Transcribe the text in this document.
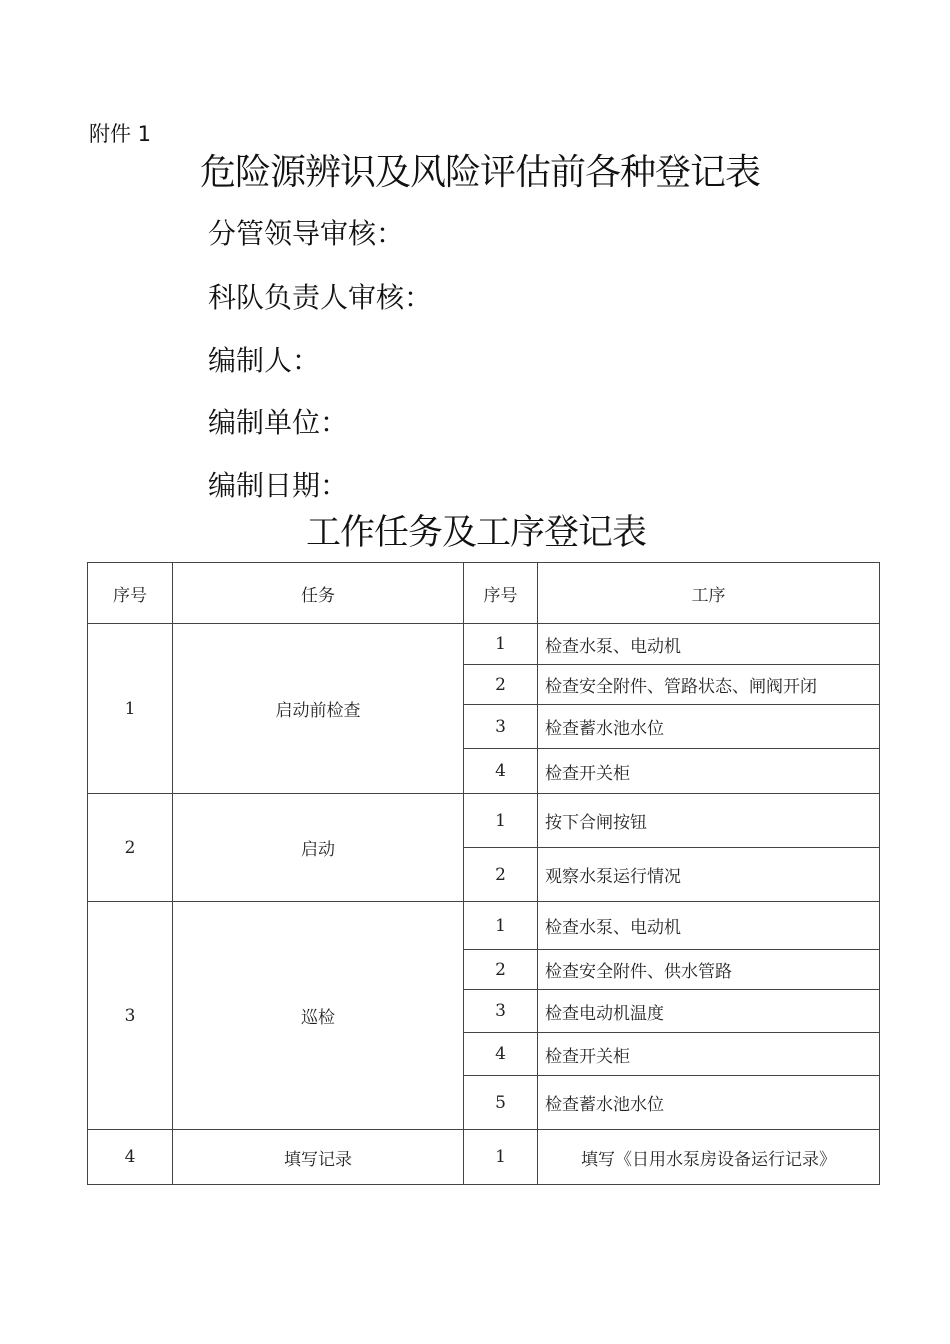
附件 1
危险源辨识及风险评估前各种登记表
分管领导审核：
科队负责人审核：
编制人：
编制单位：
编制日期：
工作任务及工序登记表
序号	任务	序号	工序
1	启动前检查	1	检查水泵、电动机
		2	检查安全附件、管路状态、闸阀开闭
		3	检查蓄水池水位
		4	检查开关柜
2	启动	1	按下合闸按钮
		2	观察水泵运行情况
3	巡检	1	检查水泵、电动机
		2	检查安全附件、供水管路
		3	检查电动机温度
		4	检查开关柜
		5	检查蓄水池水位
4	填写记录	1	填写《日用水泵房设备运行记录》
